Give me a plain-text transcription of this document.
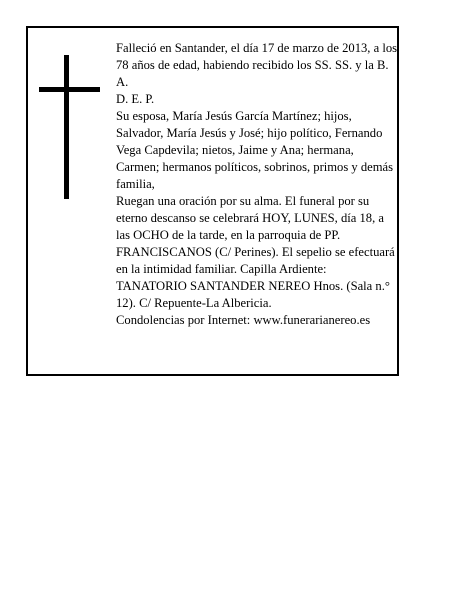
Falleció en Santander, el día 17 de marzo de 2013, a los 78 años de edad, habiendo recibido los SS. SS. y la B. A.

D. E. P.

Su esposa, María Jesús García Martínez; hijos, Salvador, María Jesús y José; hijo político, Fernando Vega Capdevila; nietos, Jaime y Ana; hermana, Carmen; hermanos políticos, sobrinos, primos y demás familia,

Ruegan una oración por su alma. El funeral por su eterno descanso se celebrará HOY, LUNES, día 18, a las OCHO de la tarde, en la parroquia de PP. FRANCISCANOS (C/ Perines). El sepelio se efectuará en la intimidad familiar. Capilla Ardiente: TANATORIO SANTANDER NEREO Hnos. (Sala n.° 12). C/ Repuente-La Albericia.

Condolencias por Internet: www.funerarianereo.es
